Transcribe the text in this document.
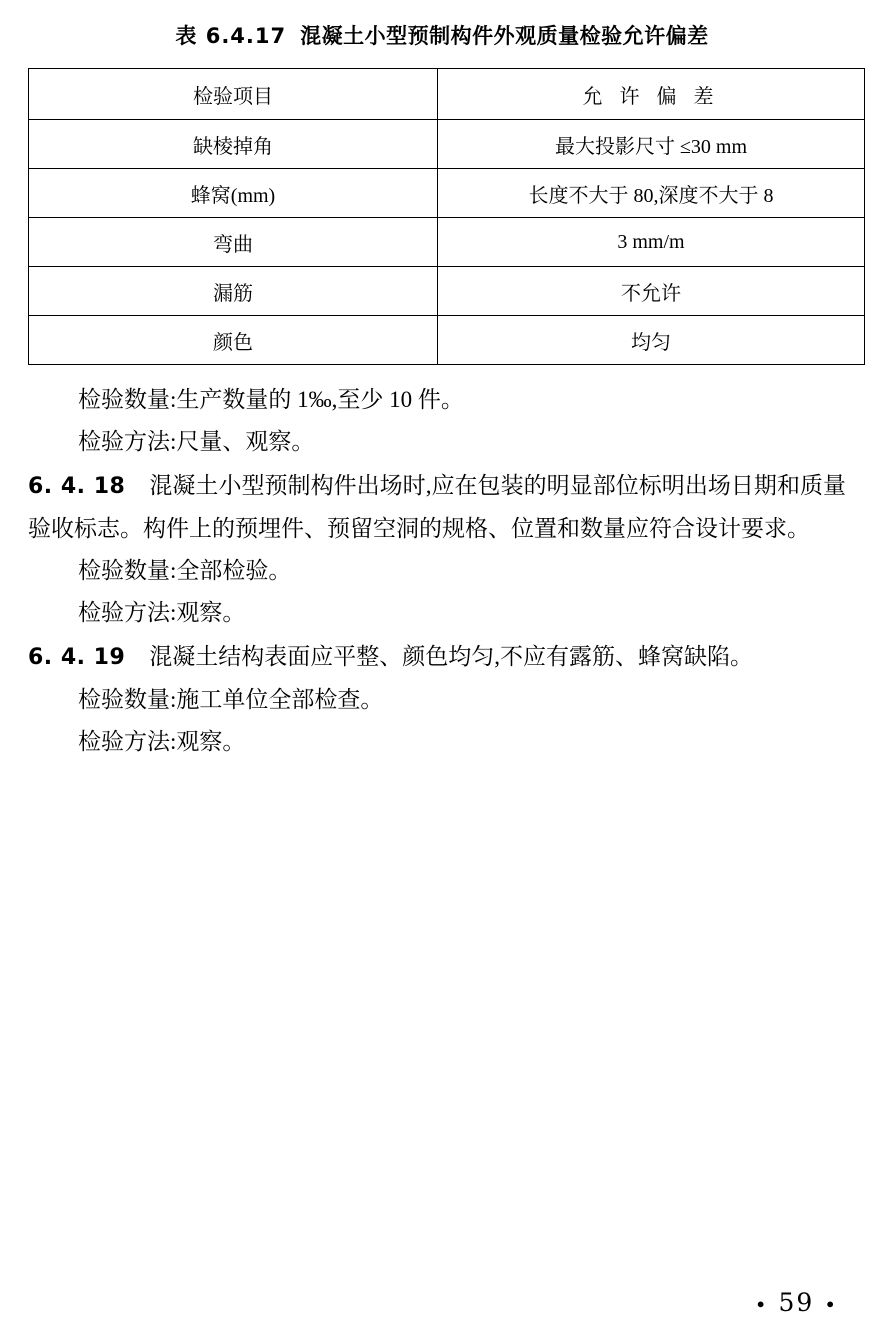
表 6.4.17 混凝土小型预制构件外观质量检验允许偏差
检验项目	允 许 偏 差
缺棱掉角	最大投影尺寸 ≤30 mm
蜂窝(mm)	长度不大于 80,深度不大于 8
弯曲	3 mm/m
漏筋	不允许
颜色	均匀

检验数量:生产数量的 1‰,至少 10 件。

检验方法:尺量、观察。

6. 4. 18 混凝土小型预制构件出场时,应在包装的明显部位标明出场日期和质量验收标志。构件上的预埋件、预留空洞的规格、位置和数量应符合设计要求。

检验数量:全部检验。

检验方法:观察。

6. 4. 19 混凝土结构表面应平整、颜色均匀,不应有露筋、蜂窝缺陷。

检验数量:施工单位全部检查。

检验方法:观察。

• 59 •
